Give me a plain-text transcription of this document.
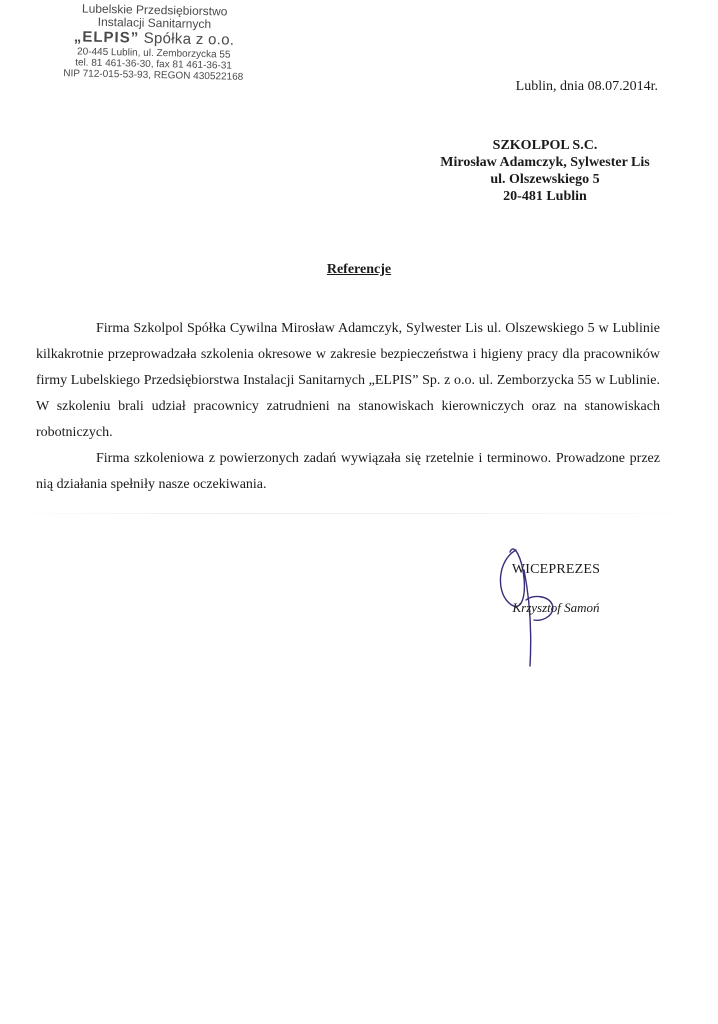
Lubelskie Przedsiębiorstwo
Instalacji Sanitarnych
„ELPIS” Spółka z o.o.
20-445 Lublin, ul. Zemborzycka 55
tel. 81 461-36-30, fax 81 461-36-31
NIP 712-015-53-93, REGON 430522168
Lublin, dnia 08.07.2014r.
SZKOLPOL S.C.
Mirosław Adamczyk, Sylwester Lis
ul. Olszewskiego 5
20-481 Lublin
Referencje

Firma Szkolpol Spółka Cywilna Mirosław Adamczyk, Sylwester Lis ul. Olszewskiego 5 w Lublinie kilkakrotnie przeprowadzała szkolenia okresowe w zakresie bezpieczeństwa i higieny pracy dla pracowników firmy Lubelskiego Przedsiębiorstwa Instalacji Sanitarnych „ELPIS” Sp. z o.o. ul. Zemborzycka 55 w Lublinie. W szkoleniu brali udział pracownicy zatrudnieni na stanowiskach kierowniczych oraz na stanowiskach robotniczych.

Firma szkoleniowa z powierzonych zadań wywiązała się rzetelnie i terminowo. Prowadzone przez nią działania spełniły nasze oczekiwania.

WICEPREZES
Krzysztof Samoń
